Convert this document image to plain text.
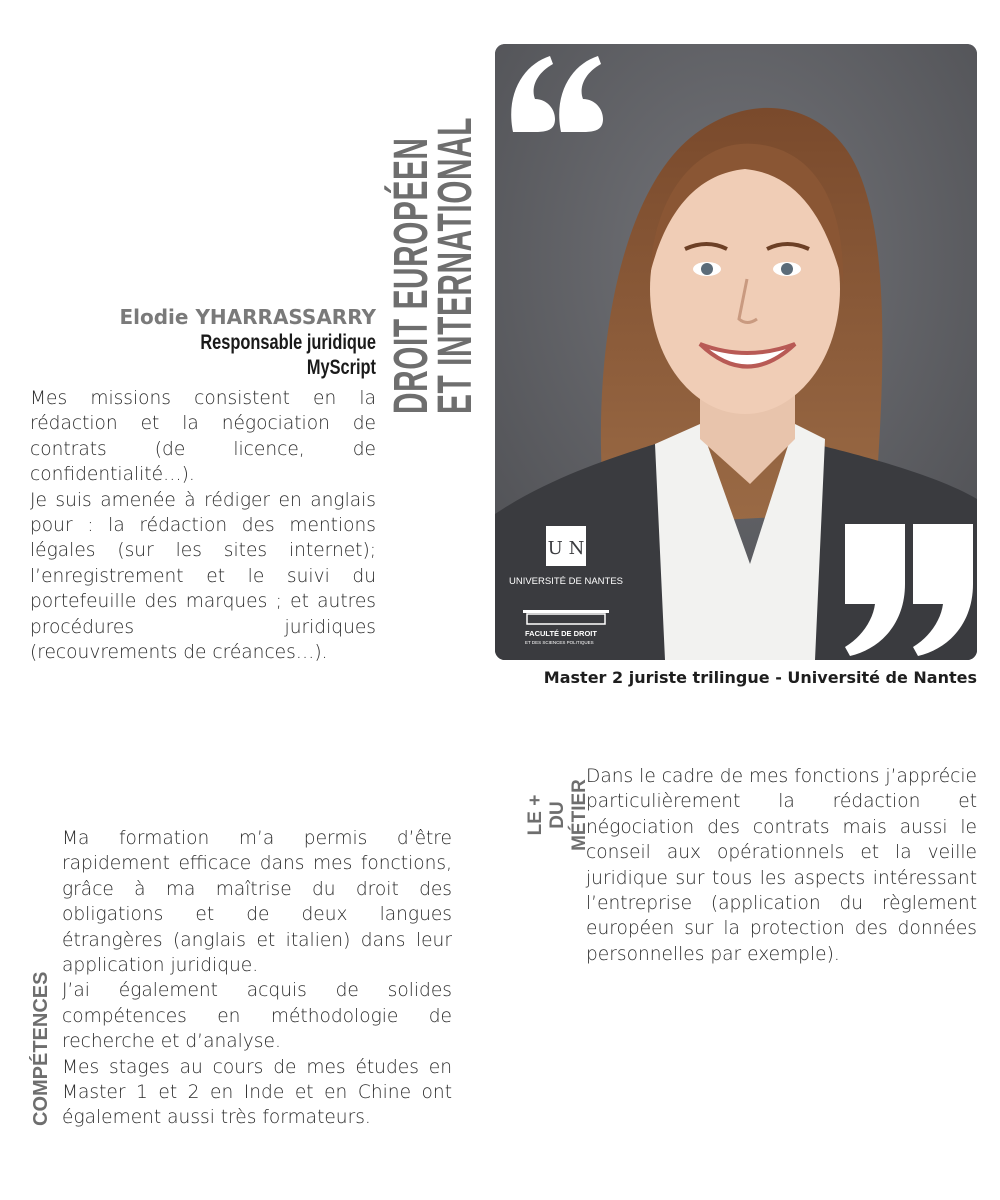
Elodie YHARRASSARRY
Responsable juridique
MyScript

Mes missions consistent en la rédaction et la négociation de contrats (de licence, de confidentialité…).

Je suis amenée à rédiger en anglais pour : la rédaction des mentions légales (sur les sites internet); l’enregistrement et le suivi du portefeuille des marques ; et autres procédures juridiques (recouvrements de créances…).

DROIT EUROPÉEN
ET INTERNATIONAL
U N
UNIVERSITÉ DE NANTES
FACULTÉ DE DROIT
ET DES SCIENCES POLITIQUES
Master 2 juriste trilingue - Université de Nantes
LE + DU MÉTIER

Dans le cadre de mes fonctions j’apprécie particulièrement la rédaction et négociation des contrats mais aussi le conseil aux opérationnels et la veille juridique sur tous les aspects intéressant l’entreprise (application du règlement européen sur la protection des données personnelles par exemple).

COMPÉTENCES

Ma formation m’a permis d’être rapidement efficace dans mes fonctions, grâce à ma maîtrise du droit des obligations et de deux langues étrangères (anglais et italien) dans leur application juridique.

J’ai également acquis de solides compétences en méthodologie de recherche et d’analyse.

Mes stages au cours de mes études en Master 1 et 2 en Inde et en Chine ont également aussi très formateurs.
